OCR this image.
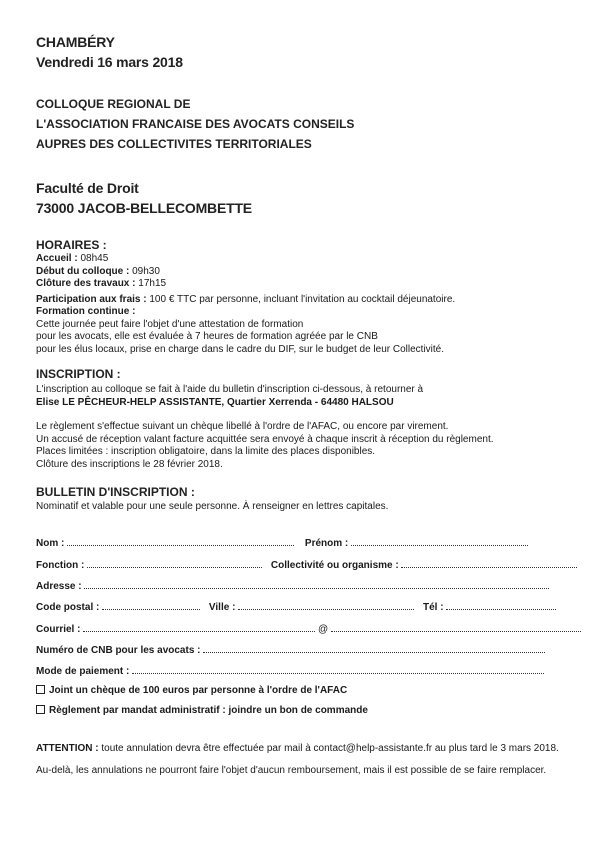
CHAMBÉRY
Vendredi 16 mars 2018
COLLOQUE REGIONAL DE
L'ASSOCIATION FRANCAISE DES AVOCATS CONSEILS
AUPRES DES COLLECTIVITES TERRITORIALES
Faculté de Droit
73000 JACOB-BELLECOMBETTE
HORAIRES :
Accueil : 08h45
Début du colloque : 09h30
Clôture des travaux : 17h15
Participation aux frais : 100 € TTC par personne, incluant l'invitation au cocktail déjeunatoire.
Formation continue :
Cette journée peut faire l'objet d'une attestation de formation
pour les avocats, elle est évaluée à 7 heures de formation agréée par le CNB
pour les élus locaux, prise en charge dans le cadre du DIF, sur le budget de leur Collectivité.
INSCRIPTION :
L'inscription au colloque se fait à l'aide du bulletin d'inscription ci-dessous, à retourner à
Elise LE PÊCHEUR-HELP ASSISTANTE, Quartier Xerrenda - 64480 HALSOU
Le règlement s'effectue suivant un chèque libellé à l'ordre de l'AFAC, ou encore par virement.
Un accusé de réception valant facture acquittée sera envoyé à chaque inscrit à réception du règlement.
Places limitées : inscription obligatoire, dans la limite des places disponibles.
Clôture des inscriptions le 28 février 2018.
BULLETIN D'INSCRIPTION :
Nominatif et valable pour une seule personne. À renseigner en lettres capitales.
Nom :	Prénom :
Fonction :	Collectivité ou organisme :
Adresse :
Code postal :	Ville :	Tél :
Courriel :	@
Numéro de CNB pour les avocats :
Mode de paiement :
Joint un chèque de 100 euros par personne à l'ordre de l'AFAC
Règlement par mandat administratif : joindre un bon de commande
ATTENTION : toute annulation devra être effectuée par mail à contact@help-assistante.fr au plus tard le 3 mars 2018.
Au-delà, les annulations ne pourront faire l'objet d'aucun remboursement, mais il est possible de se faire remplacer.
